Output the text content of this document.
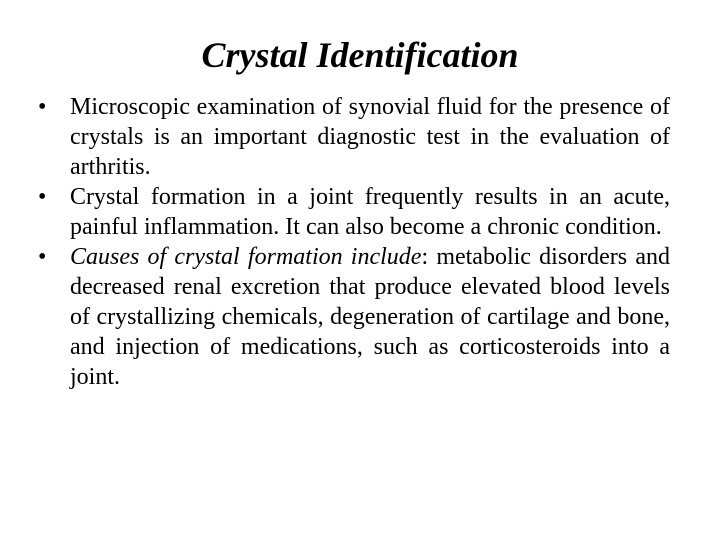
Crystal Identification
• Microscopic examination of synovial fluid for the presence of crystals is an important diagnostic test in the evaluation of arthritis.
• Crystal formation in a joint frequently results in an acute, painful inflammation. It can also become a chronic condition.
• Causes of crystal formation include: metabolic disorders and decreased renal excretion that produce elevated blood levels of crystallizing chemicals, degeneration of cartilage and bone, and injection of medications, such as corticosteroids into a joint.
